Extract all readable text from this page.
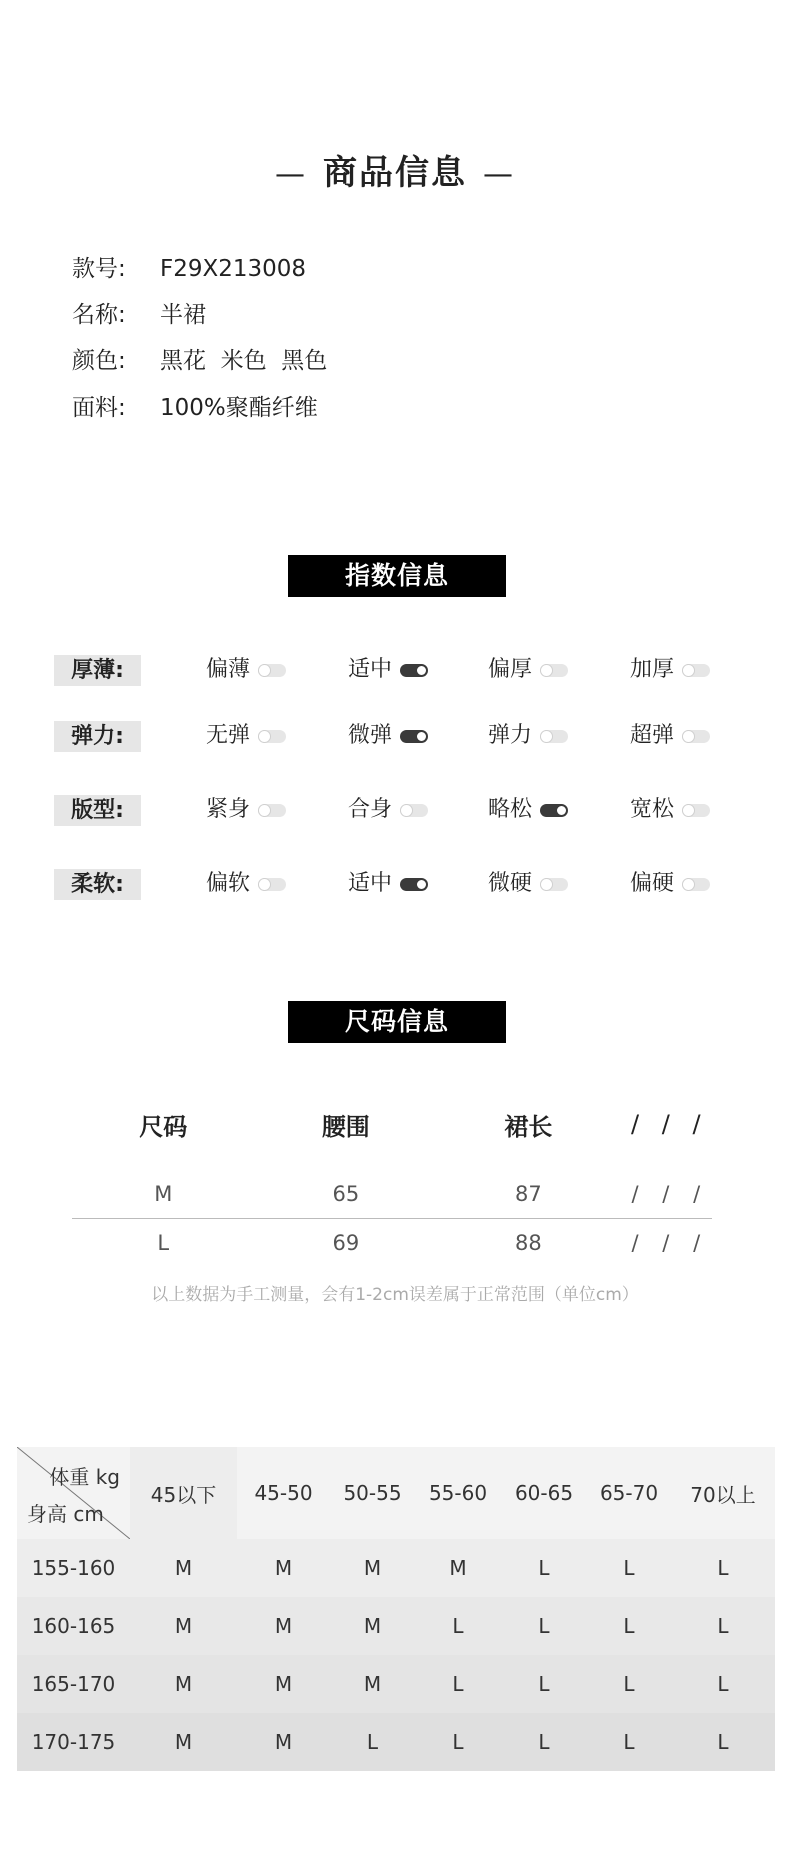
— 商品信息 —
款号: F29X213008
名称: 半裙
颜色: 黑花  米色  黑色
面料: 100%聚酯纤维
指数信息
厚薄:	偏薄	适中	偏厚	加厚
弹力:	无弹	微弹	弹力	超弹
版型:	紧身	合身	略松	宽松
柔软:	偏软	适中	微硬	偏硬
尺码信息
尺码	腰围	裙长	/	/	/

M	65	87	/	/	/
L	69	88	/	/	/
以上数据为手工测量，会有1-2cm误差属于正常范围（单位cm）
体重 kg
身高 cm	45以下	45-50	50-55	55-60	60-65	65-70	70以上
155-160	M	M	M	M	L	L	L
160-165	M	M	M	L	L	L	L
165-170	M	M	M	L	L	L	L
170-175	M	M	L	L	L	L	L
